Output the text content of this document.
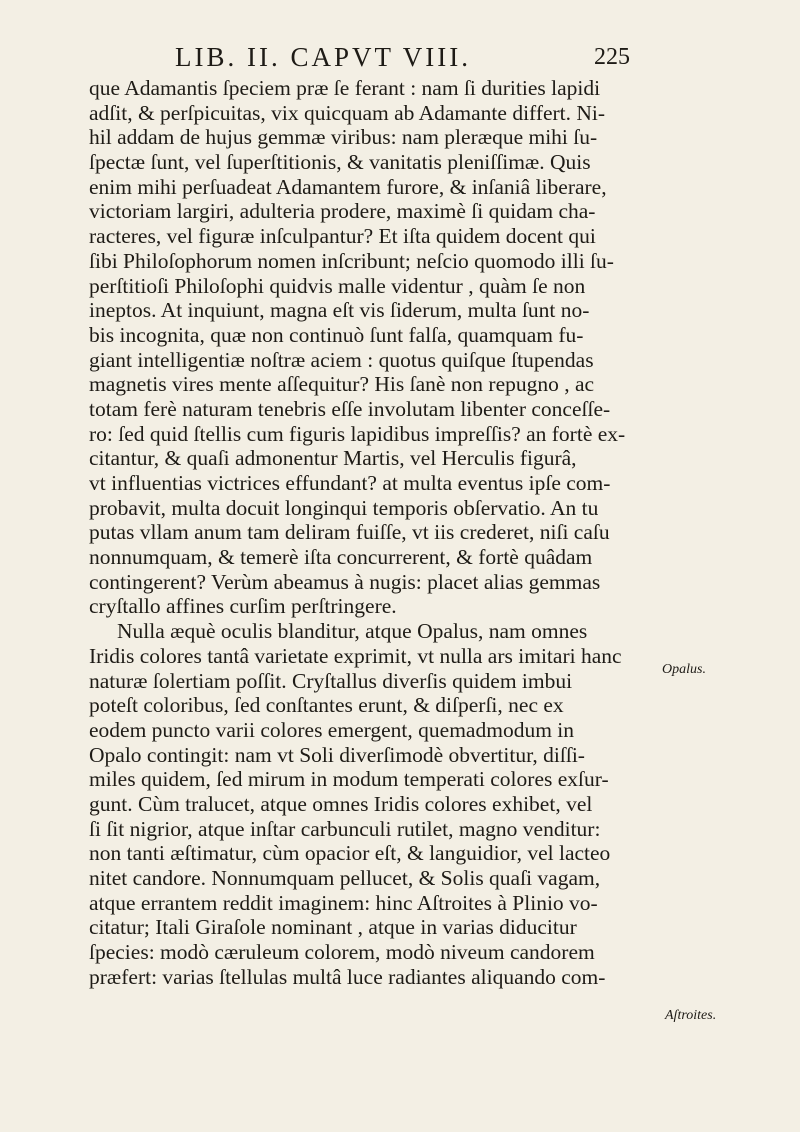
LIB. II. CAPVT VIII.	225
que Adamantis ſpeciem præ ſe ferant : nam ſi durities lapidi
adſit, & perſpicuitas, vix quicquam ab Adamante differt. Ni-
hil addam de hujus gemmæ viribus: nam pleræque mihi ſu-
ſpectæ ſunt, vel ſuperſtitionis, & vanitatis pleniſſimæ. Quis
enim mihi perſuadeat Adamantem furore, & inſaniâ liberare,
victoriam largiri, adulteria prodere, maximè ſi quidam cha-
racteres, vel figuræ inſculpantur? Et iſta quidem docent qui
ſibi Philoſophorum nomen inſcribunt; neſcio quomodo illi ſu-
perſtitioſi Philoſophi quidvis malle videntur , quàm ſe non
ineptos. At inquiunt, magna eſt vis ſiderum, multa ſunt no-
bis incognita, quæ non continuò ſunt falſa, quamquam fu-
giant intelligentiæ noſtræ aciem : quotus quiſque ſtupendas
magnetis vires mente aſſequitur? His ſanè non repugno , ac
totam ferè naturam tenebris eſſe involutam libenter conceſſe-
ro: ſed quid ſtellis cum figuris lapidibus impreſſis? an fortè ex-
citantur, & quaſi admonentur Martis, vel Herculis figurâ,
vt influentias victrices effundant? at multa eventus ipſe com-
probavit, multa docuit longinqui temporis obſervatio. An tu
putas vllam anum tam deliram fuiſſe, vt iis crederet, niſi caſu
nonnumquam, & temerè iſta concurrerent, & fortè quâdam
contingerent? Verùm abeamus à nugis: placet alias gemmas
cryſtallo affines curſim perſtringere.
Nulla æquè oculis blanditur, atque Opalus, nam omnes
Iridis colores tantâ varietate exprimit, vt nulla ars imitari hanc
naturæ ſolertiam poſſit. Cryſtallus diverſis quidem imbui
poteſt coloribus, ſed conſtantes erunt, & diſperſi, nec ex
eodem puncto varii colores emergent, quemadmodum in
Opalo contingit: nam vt Soli diverſimodè obvertitur, diſſi-
miles quidem, ſed mirum in modum temperati colores exſur-
gunt. Cùm tralucet, atque omnes Iridis colores exhibet, vel
ſi ſit nigrior, atque inſtar carbunculi rutilet, magno venditur:
non tanti æſtimatur, cùm opacior eſt, & languidior, vel lacteo
nitet candore. Nonnumquam pellucet, & Solis quaſi vagam,
atque errantem reddit imaginem: hinc Aſtroites à Plinio vo-
citatur; Itali Giraſole nominant , atque in varias diducitur
ſpecies: modò cæruleum colorem, modò niveum candorem
præfert: varias ſtellulas multâ luce radiantes aliquando com-
Opalus.
Aſtroites.
